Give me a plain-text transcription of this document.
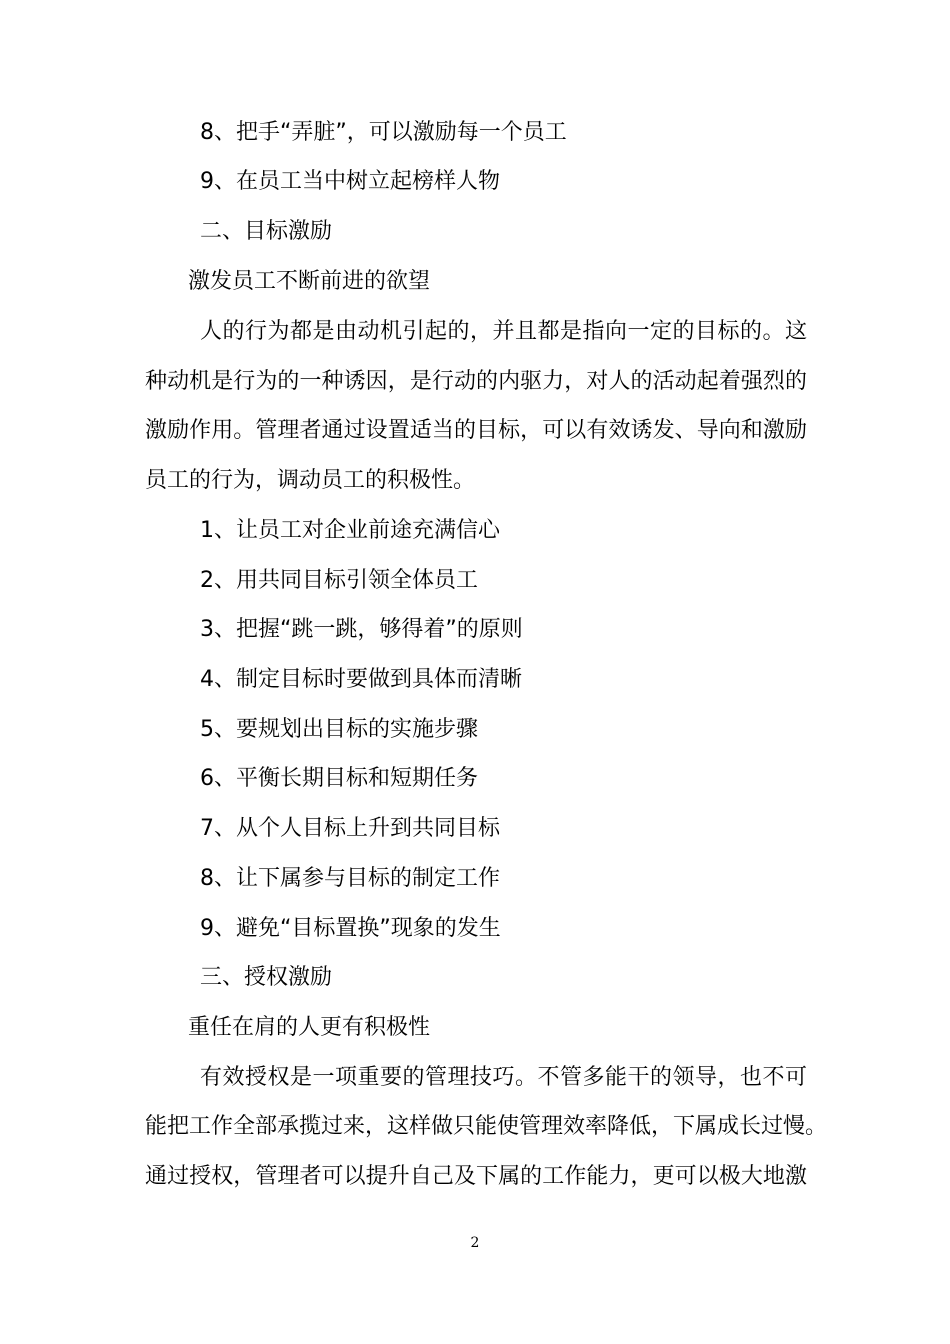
8、把手“弄脏”，可以激励每一个员工
9、在员工当中树立起榜样人物
二、目标激励
激发员工不断前进的欲望
人的行为都是由动机引起的，并且都是指向一定的目标的。这
种动机是行为的一种诱因，是行动的内驱力，对人的活动起着强烈的
激励作用。管理者通过设置适当的目标，可以有效诱发、导向和激励
员工的行为，调动员工的积极性。
1、让员工对企业前途充满信心
2、用共同目标引领全体员工
3、把握“跳一跳，够得着”的原则
4、制定目标时要做到具体而清晰
5、要规划出目标的实施步骤
6、平衡长期目标和短期任务
7、从个人目标上升到共同目标
8、让下属参与目标的制定工作
9、避免“目标置换”现象的发生
三、授权激励
重任在肩的人更有积极性
有效授权是一项重要的管理技巧。不管多能干的领导，也不可
能把工作全部承揽过来，这样做只能使管理效率降低，下属成长过慢。
通过授权，管理者可以提升自己及下属的工作能力，更可以极大地激
2
